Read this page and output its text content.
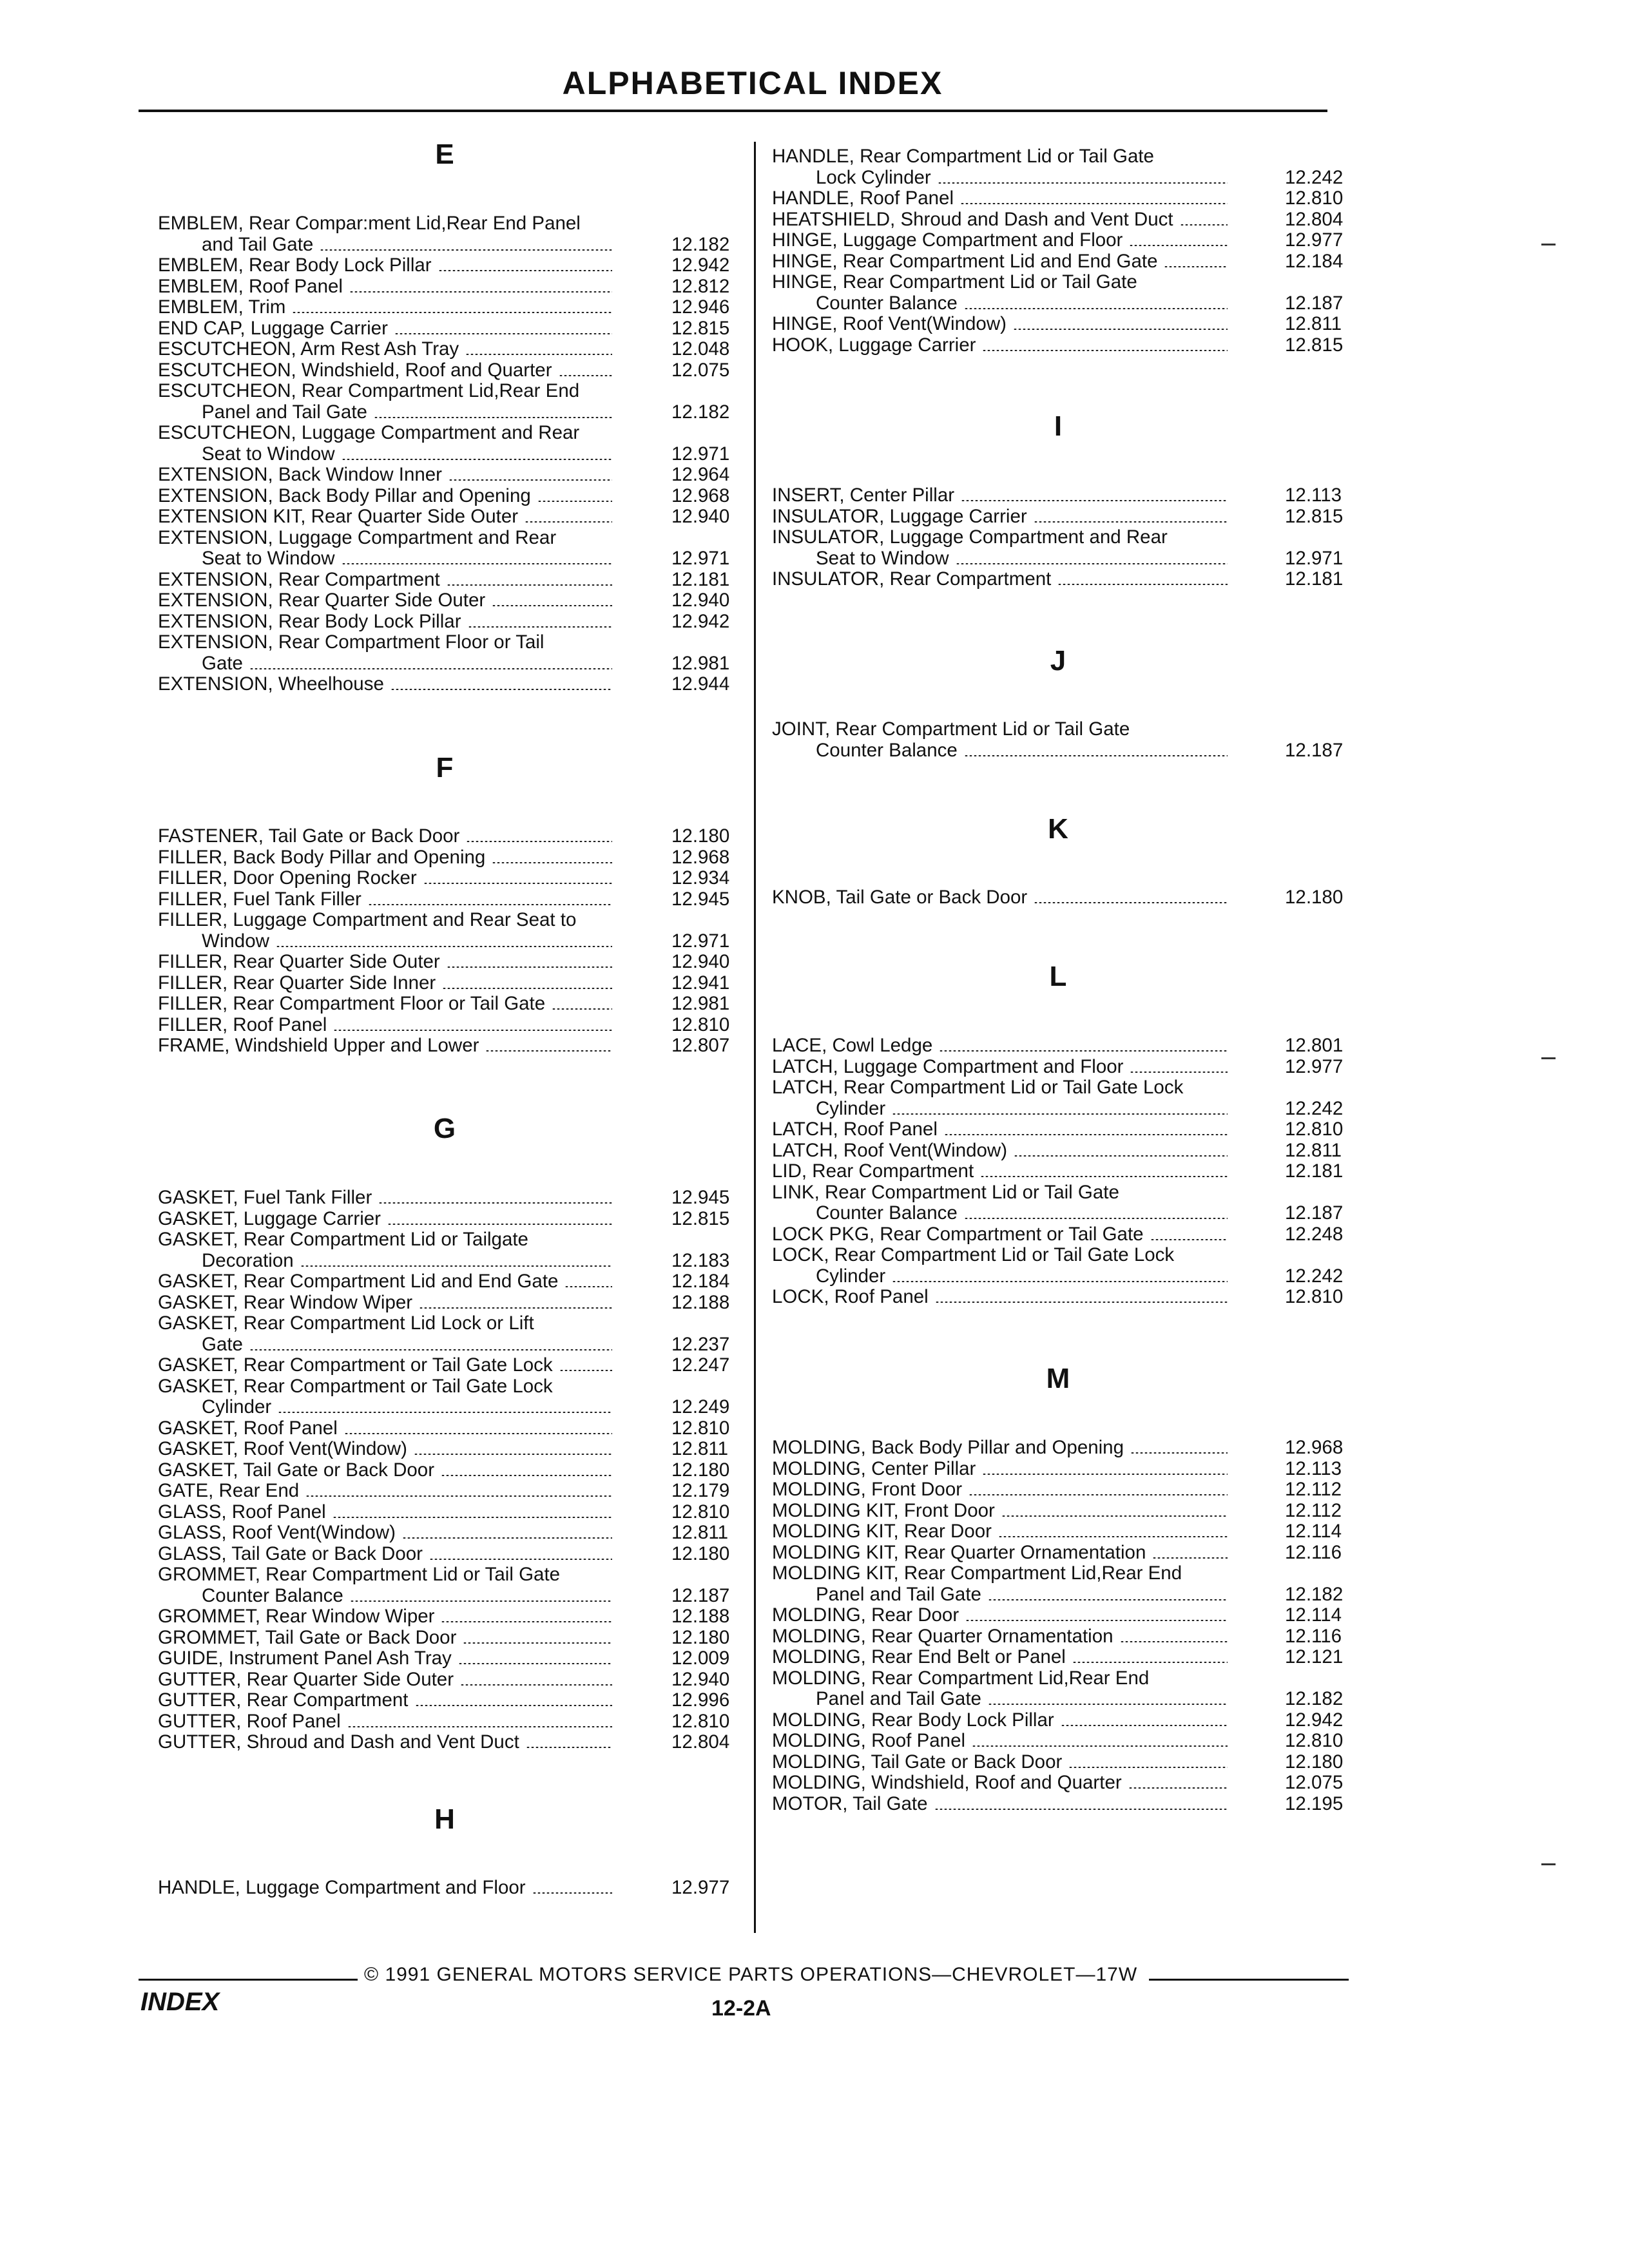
ALPHABETICAL INDEX
E
EMBLEM, Rear Compar:ment Lid,Rear End Panel
and Tail Gate	12.182
EMBLEM, Rear Body Lock Pillar	12.942
EMBLEM, Roof Panel	12.812
EMBLEM, Trim	12.946
END CAP, Luggage Carrier	12.815
ESCUTCHEON, Arm Rest Ash Tray	12.048
ESCUTCHEON, Windshield, Roof and Quarter	12.075
ESCUTCHEON, Rear Compartment Lid,Rear End
Panel and Tail Gate	12.182
ESCUTCHEON, Luggage Compartment and Rear
Seat to Window	12.971
EXTENSION, Back Window Inner	12.964
EXTENSION, Back Body Pillar and Opening	12.968
EXTENSION KIT, Rear Quarter Side Outer	12.940
EXTENSION, Luggage Compartment and Rear
Seat to Window	12.971
EXTENSION, Rear Compartment	12.181
EXTENSION, Rear Quarter Side Outer	12.940
EXTENSION, Rear Body Lock Pillar	12.942
EXTENSION, Rear Compartment Floor or Tail
Gate	12.981
EXTENSION, Wheelhouse	12.944
F
FASTENER, Tail Gate or Back Door	12.180
FILLER, Back Body Pillar and Opening	12.968
FILLER, Door Opening Rocker	12.934
FILLER, Fuel Tank Filler	12.945
FILLER, Luggage Compartment and Rear Seat to
Window	12.971
FILLER, Rear Quarter Side Outer	12.940
FILLER, Rear Quarter Side Inner	12.941
FILLER, Rear Compartment Floor or Tail Gate	12.981
FILLER, Roof Panel	12.810
FRAME, Windshield Upper and Lower	12.807
G
GASKET, Fuel Tank Filler	12.945
GASKET, Luggage Carrier	12.815
GASKET, Rear Compartment Lid or Tailgate
Decoration	12.183
GASKET, Rear Compartment Lid and End Gate	12.184
GASKET, Rear Window Wiper	12.188
GASKET, Rear Compartment Lid Lock or Lift
Gate	12.237
GASKET, Rear Compartment or Tail Gate Lock	12.247
GASKET, Rear Compartment or Tail Gate Lock
Cylinder	12.249
GASKET, Roof Panel	12.810
GASKET, Roof Vent(Window)	12.811
GASKET, Tail Gate or Back Door	12.180
GATE, Rear End	12.179
GLASS, Roof Panel	12.810
GLASS, Roof Vent(Window)	12.811
GLASS, Tail Gate or Back Door	12.180
GROMMET, Rear Compartment Lid or Tail Gate
Counter Balance	12.187
GROMMET, Rear Window Wiper	12.188
GROMMET, Tail Gate or Back Door	12.180
GUIDE, Instrument Panel Ash Tray	12.009
GUTTER, Rear Quarter Side Outer	12.940
GUTTER, Rear Compartment	12.996
GUTTER, Roof Panel	12.810
GUTTER, Shroud and Dash and Vent Duct	12.804
H
HANDLE, Luggage Compartment and Floor	12.977
HANDLE, Rear Compartment Lid or Tail Gate
Lock Cylinder	12.242
HANDLE, Roof Panel	12.810
HEATSHIELD, Shroud and Dash and Vent Duct	12.804
HINGE, Luggage Compartment and Floor	12.977
HINGE, Rear Compartment Lid and End Gate	12.184
HINGE, Rear Compartment Lid or Tail Gate
Counter Balance	12.187
HINGE, Roof Vent(Window)	12.811
HOOK, Luggage Carrier	12.815
I
INSERT, Center Pillar	12.113
INSULATOR, Luggage Carrier	12.815
INSULATOR, Luggage Compartment and Rear
Seat to Window	12.971
INSULATOR, Rear Compartment	12.181
J
JOINT, Rear Compartment Lid or Tail Gate
Counter Balance	12.187
K
KNOB, Tail Gate or Back Door	12.180
L
LACE, Cowl Ledge	12.801
LATCH, Luggage Compartment and Floor	12.977
LATCH, Rear Compartment Lid or Tail Gate Lock
Cylinder	12.242
LATCH, Roof Panel	12.810
LATCH, Roof Vent(Window)	12.811
LID, Rear Compartment	12.181
LINK, Rear Compartment Lid or Tail Gate
Counter Balance	12.187
LOCK PKG, Rear Compartment or Tail Gate	12.248
LOCK, Rear Compartment Lid or Tail Gate Lock
Cylinder	12.242
LOCK, Roof Panel	12.810
M
MOLDING, Back Body Pillar and Opening	12.968
MOLDING, Center Pillar	12.113
MOLDING, Front Door	12.112
MOLDING KIT, Front Door	12.112
MOLDING KIT, Rear Door	12.114
MOLDING KIT, Rear Quarter Ornamentation	12.116
MOLDING KIT, Rear Compartment Lid,Rear End
Panel and Tail Gate	12.182
MOLDING, Rear Door	12.114
MOLDING, Rear Quarter Ornamentation	12.116
MOLDING, Rear End Belt or Panel	12.121
MOLDING, Rear Compartment Lid,Rear End
Panel and Tail Gate	12.182
MOLDING, Rear Body Lock Pillar	12.942
MOLDING, Roof Panel	12.810
MOLDING, Tail Gate or Back Door	12.180
MOLDING, Windshield, Roof and Quarter	12.075
MOTOR, Tail Gate	12.195
© 1991 GENERAL MOTORS SERVICE PARTS OPERATIONS—CHEVROLET—17W
INDEX	12-2A
